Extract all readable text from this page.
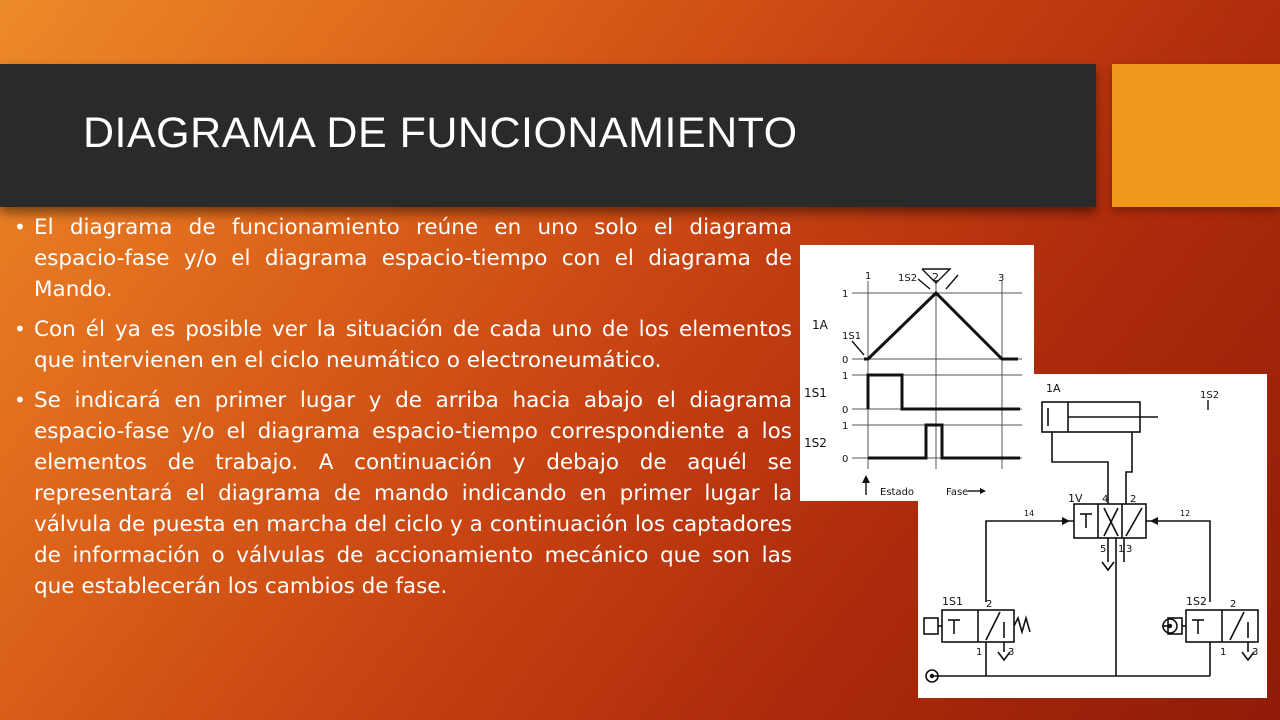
DIAGRAMA DE FUNCIONAMIENTO
• El diagrama de funcionamiento reúne en uno solo el diagrama espacio-fase y/o el diagrama espacio-tiempo con el diagrama de Mando.
• Con él ya es posible ver la situación de cada uno de los elementos que intervienen en el ciclo neumático o electroneumático.
• Se indicará en primer lugar y de arriba hacia abajo el diagrama espacio-fase y/o el diagrama espacio-tiempo correspondiente a los elementos de trabajo. A continuación y debajo de aquél se representará el diagrama de mando indicando en primer lugar la válvula de puesta en marcha del ciclo y a continuación los captadores de información o válvulas de accionamiento mecánico que son las que establecerán los cambios de fase.
1A
1S2
1V 4 2
5 1 3
14	12
1S1 2
1	3
1S2 2
1	3
1	2	3
1S2
1S1
1A
1
0
1S1
1
0
1S2
1
0
Estado	Fase
